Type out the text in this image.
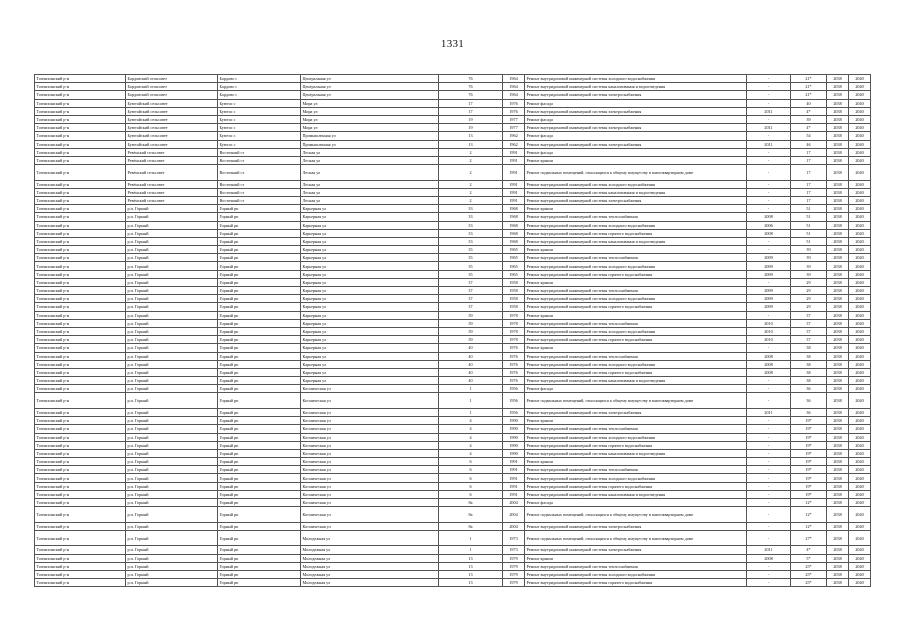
1331
Топчихинский р-н	Бордовский сельсовет	Бордово с	Центральная ул	76	1964	Ремонт внутридомовой инженерной системы холодного водоснабжения	-	21*	2038	2040
Топчихинский р-н	Бордовский сельсовет	Бордово с	Центральная ул	76	1964	Ремонт внутридомовой инженерной системы канализования и водоотведения	-	21*	2038	2040
Топчихинский р-н	Бордовский сельсовет	Бордово с	Центральная ул	76	1964	Ремонт внутридомовой инженерной системы электроснабжения	-	21*	2038	2040
Топчихинский р-н	Буютайский сельсовет	Буютас с	Мира ул	17	1976	Ремонт фасада	-	40	2038	2040
Топчихинский р-н	Буютайский сельсовет	Буютас с	Мира ул	17	1976	Ремонт внутридомовой инженерной системы электроснабжения	2011	4*	2038	2040
Топчихинский р-н	Буютайский сельсовет	Буютас с	Мира ул	19	1977	Ремонт фасада	-	39	2038	2040
Топчихинский р-н	Буютайский сельсовет	Буютас с	Мира ул	19	1977	Ремонт внутридомовой инженерной системы электроснабжения	2011	4*	2038	2040
Топчихинский р-н	Буютайский сельсовет	Буютас с	Промышленная ул	13	1962	Ремонт фасада	-	54	2038	2040
Топчихинский р-н	Буютайский сельсовет	Буютас с	Промышленная ул	13	1962	Ремонт внутридомовой инженерной системы электроснабжения	2011	46	2038	2040
Топчихинский р-н	Ревёнский сельсовет	Восточный ст	Лесная ул	2	1991	Ремонт фасада	-	17	2038	2040
Топчихинский р-н	Ревёнский сельсовет	Восточный ст	Лесная ул	2	1991	Ремонт крыши	-	17	2038	2040
Топчихинский р-н	Ревёнский сельсовет	Восточный ст	Лесная ул	2	1991	Ремонт подвальных помещений, относящихся к общему имуществу в многоквартирном доме	-	17	2038	2040
Топчихинский р-н	Ревёнский сельсовет	Восточный ст	Лесная ул	2	1991	Ремонт внутридомовой инженерной системы холодного водоснабжения	-	17	2038	2040
Топчихинский р-н	Ревёнский сельсовет	Восточный ст	Лесная ул	2	1991	Ремонт внутридомовой инженерной системы канализования и водоотведения	-	17	2038	2040
Топчихинский р-н	Ревёнский сельсовет	Восточный ст	Лесная ул	2	1991	Ремонт внутридомовой инженерной системы электроснабжения	-	17	2038	2040
Топчихинский р-н	р.п. Горный	Горный рп	Карьерная ул	33	1968	Ремонт крыши	-	51	2038	2040
Топчихинский р-н	р.п. Горный	Горный рп	Карьерная ул	33	1968	Ремонт внутридомовой инженерной системы теплоснабжения	2008	51	2038	2040
Топчихинский р-н	р.п. Горный	Горный рп	Карьерная ул	33	1968	Ремонт внутридомовой инженерной системы холодного водоснабжения	2006	51	2038	2040
Топчихинский р-н	р.п. Горный	Горный рп	Карьерная ул	33	1968	Ремонт внутридомовой инженерной системы горячего водоснабжения	2008	51	2038	2040
Топчихинский р-н	р.п. Горный	Горный рп	Карьерная ул	33	1968	Ремонт внутридомовой инженерной системы канализования и водоотведения	-	51	2038	2040
Топчихинский р-н	р.п. Горный	Горный рп	Карьерная ул	35	1965	Ремонт крыши	-	39	2038	2040
Топчихинский р-н	р.п. Горный	Горный рп	Карьерная ул	35	1965	Ремонт внутридомовой инженерной системы теплоснабжения	2009	39	2038	2040
Топчихинский р-н	р.п. Горный	Горный рп	Карьерная ул	35	1965	Ремонт внутридомовой инженерной системы холодного водоснабжения	2009	39	2038	2040
Топчихинский р-н	р.п. Горный	Горный рп	Карьерная ул	35	1965	Ремонт внутридомовой инженерной системы горячего водоснабжения	2009	39	2038	2040
Топчихинский р-н	р.п. Горный	Горный рп	Карьерная ул	37	1958	Ремонт крыши	-	29	2038	2040
Топчихинский р-н	р.п. Горный	Горный рп	Карьерная ул	37	1958	Ремонт внутридомовой инженерной системы теплоснабжения	2009	29	2038	2040
Топчихинский р-н	р.п. Горный	Горный рп	Карьерная ул	37	1958	Ремонт внутридомовой инженерной системы холодного водоснабжения	2009	29	2038	2040
Топчихинский р-н	р.п. Горный	Горный рп	Карьерная ул	37	1958	Ремонт внутридомовой инженерной системы горячего водоснабжения	2009	29	2038	2040
Топчихинский р-н	р.п. Горный	Горный рп	Карьерная ул	39	1978	Ремонт крыши	-	37	2038	2040
Топчихинский р-н	р.п. Горный	Горный рп	Карьерная ул	39	1978	Ремонт внутридомовой инженерной системы теплоснабжения	2010	37	2038	2040
Топчихинский р-н	р.п. Горный	Горный рп	Карьерная ул	39	1978	Ремонт внутридомовой инженерной системы холодного водоснабжения	2010	37	2038	2040
Топчихинский р-н	р.п. Горный	Горный рп	Карьерная ул	39	1978	Ремонт внутридомовой инженерной системы горячего водоснабжения	2010	37	2038	2040
Топчихинский р-н	р.п. Горный	Горный рп	Карьерная ул	40	1976	Ремонт крыши	-	38	2038	2040
Топчихинский р-н	р.п. Горный	Горный рп	Карьерная ул	40	1976	Ремонт внутридомовой инженерной системы теплоснабжения	2008	38	2038	2040
Топчихинский р-н	р.п. Горный	Горный рп	Карьерная ул	40	1976	Ремонт внутридомовой инженерной системы холодного водоснабжения	2008	38	2038	2040
Топчихинский р-н	р.п. Горный	Горный рп	Карьерная ул	40	1976	Ремонт внутридомовой инженерной системы горячего водоснабжения	2008	38	2038	2040
Топчихинский р-н	р.п. Горный	Горный рп	Карьерная ул	40	1976	Ремонт внутридомовой инженерной системы канализования и водоотведения	-	38	2038	2040
Топчихинский р-н	р.п. Горный	Горный рп	Космическая ул	1	1956	Ремонт фасада	-	36	2038	2040
Топчихинский р-н	р.п. Горный	Горный рп	Космическая ул	1	1956	Ремонт подвальных помещений, относящихся к общему имуществу в многоквартирном доме	-	36	2038	2040
Топчихинский р-н	р.п. Горный	Горный рп	Космическая ул	1	1956	Ремонт внутридомовой инженерной системы электроснабжения	2011	36	2038	2040
Топчихинский р-н	р.п. Горный	Горный рп	Космическая ул	4	1990	Ремонт крыши	-	19*	2038	2040
Топчихинский р-н	р.п. Горный	Горный рп	Космическая ул	4	1990	Ремонт внутридомовой инженерной системы теплоснабжения	-	19*	2038	2040
Топчихинский р-н	р.п. Горный	Горный рп	Космическая ул	4	1990	Ремонт внутридомовой инженерной системы холодного водоснабжения	-	19*	2038	2040
Топчихинский р-н	р.п. Горный	Горный рп	Космическая ул	4	1990	Ремонт внутридомовой инженерной системы горячего водоснабжения	-	19*	2038	2040
Топчихинский р-н	р.п. Горный	Горный рп	Космическая ул	4	1990	Ремонт внутридомовой инженерной системы канализования и водоотведения	-	19*	2038	2040
Топчихинский р-н	р.п. Горный	Горный рп	Космическая ул	6	1991	Ремонт крыши	-	19*	2038	2040
Топчихинский р-н	р.п. Горный	Горный рп	Космическая ул	6	1991	Ремонт внутридомовой инженерной системы теплоснабжения	-	19*	2038	2040
Топчихинский р-н	р.п. Горный	Горный рп	Космическая ул	6	1991	Ремонт внутридомовой инженерной системы холодного водоснабжения	-	19*	2038	2040
Топчихинский р-н	р.п. Горный	Горный рп	Космическая ул	6	1991	Ремонт внутридомовой инженерной системы горячего водоснабжения	-	19*	2038	2040
Топчихинский р-н	р.п. Горный	Горный рп	Космическая ул	6	1991	Ремонт внутридомовой инженерной системы канализования и водоотведения	-	19*	2038	2040
Топчихинский р-н	р.п. Горный	Горный рп	Космическая ул	8а	2004	Ремонт фасада	-	12*	2038	2040
Топчихинский р-н	р.п. Горный	Горный рп	Космическая ул	8а	2004	Ремонт подвальных помещений, относящихся к общему имуществу в многоквартирном доме	-	12*	2038	2040
Топчихинский р-н	р.п. Горный	Горный рп	Космическая ул	8а	2004	Ремонт внутридомовой инженерной системы электроснабжения	-	12*	2038	2040
Топчихинский р-н	р.п. Горный	Горный рп	Молодежная ул	1	1973	Ремонт подвальных помещений, относящихся к общему имуществу в многоквартирном доме	-	27*	2038	2040
Топчихинский р-н	р.п. Горный	Горный рп	Молодежная ул	1	1973	Ремонт внутридомовой инженерной системы электроснабжения	2011	4*	2038	2040
Топчихинский р-н	р.п. Горный	Горный рп	Молодежная ул	13	1979	Ремонт крыши	2008	5*	2038	2040
Топчихинский р-н	р.п. Горный	Горный рп	Молодежная ул	13	1979	Ремонт внутридомовой инженерной системы теплоснабжения	-	25*	2038	2040
Топчихинский р-н	р.п. Горный	Горный рп	Молодежная ул	13	1979	Ремонт внутридомовой инженерной системы холодного водоснабжения	-	25*	2038	2040
Топчихинский р-н	р.п. Горный	Горный рп	Молодежная ул	13	1979	Ремонт внутридомовой инженерной системы горячего водоснабжения	-	25*	2038	2040
